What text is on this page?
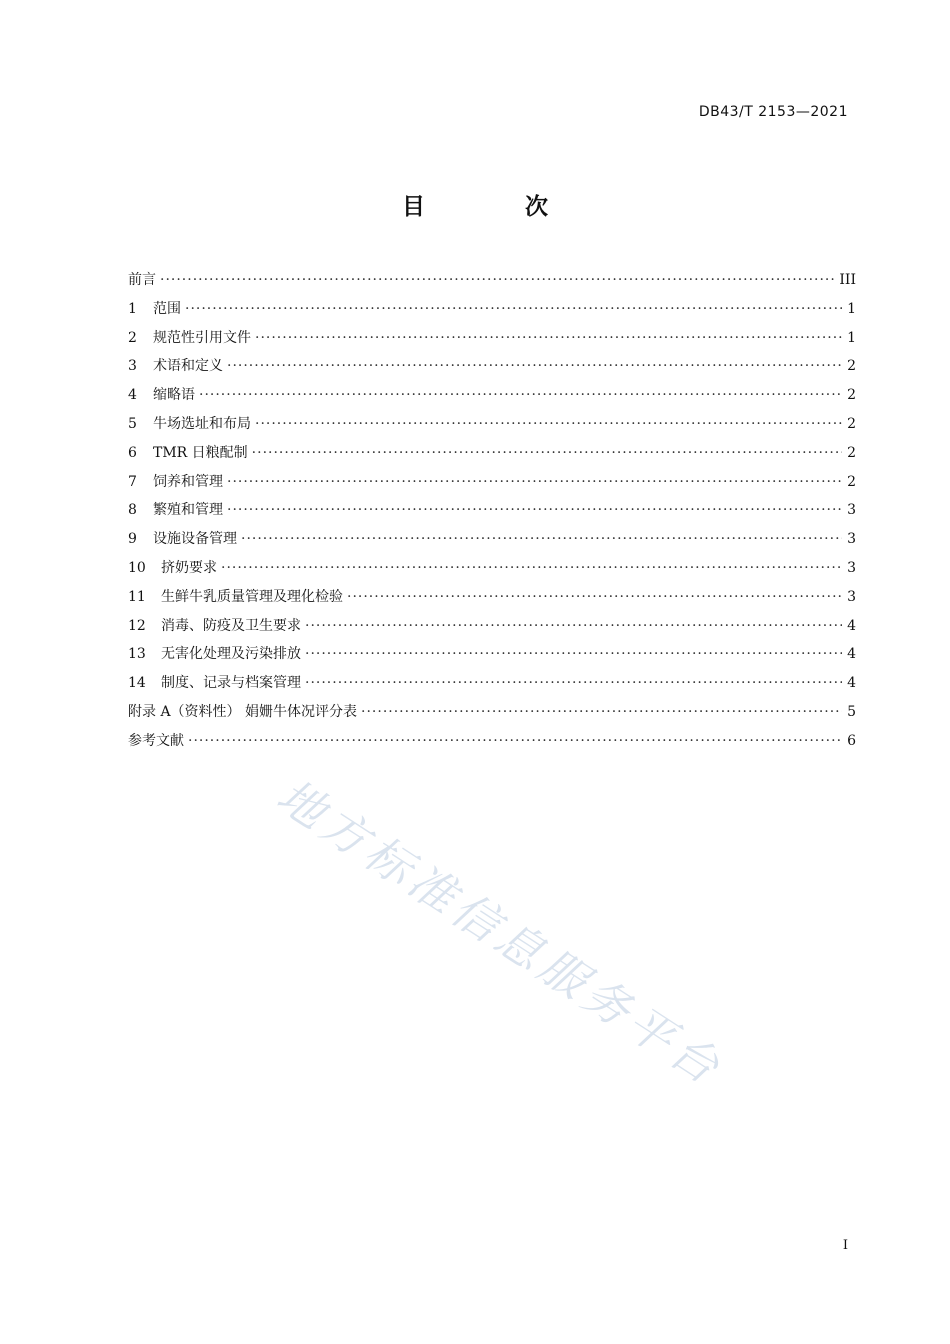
DB43/T 2153—2021
目 次
前言 ·····	III
1	范围 ·····	1
2	规范性引用文件 ·····	1
3	术语和定义 ·····	2
4	缩略语 ·····	2
5	牛场选址和布局 ·····	2
6	TMR 日粮配制 ·····	2
7	饲养和管理 ·····	2
8	繁殖和管理 ·····	3
9	设施设备管理 ·····	3
10	挤奶要求 ·····	3
11	生鲜牛乳质量管理及理化检验 ·····	3
12	消毒、防疫及卫生要求 ·····	4
13	无害化处理及污染排放 ·····	4
14	制度、记录与档案管理 ·····	4
附录 A（资料性） 娟姗牛体况评分表 ·····	5
参考文献 ·····	6
地方标准信息服务平台
I
